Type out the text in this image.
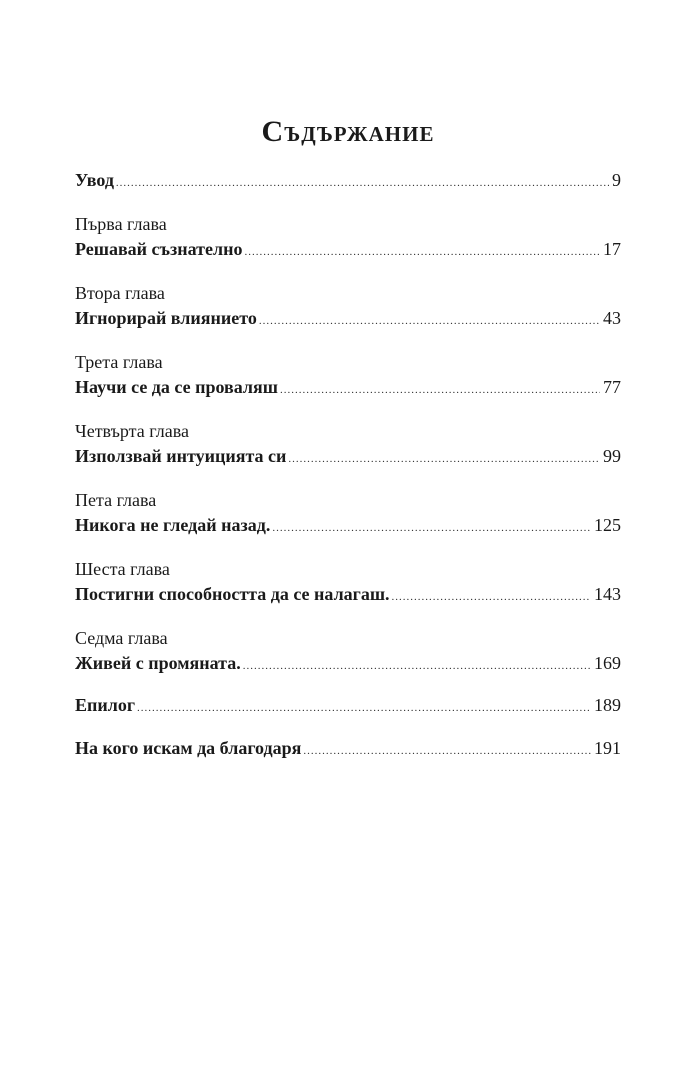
Съдържание
Увод .....	9
Първа глава
Решавай съзнателно .....	17
Втора глава
Игнорирай влиянието .....	43
Трета глава
Научи се да се проваляш .....	77
Четвърта глава
Използвай интуицията си .....	99
Пета глава
Никога не гледай назад. .....	125
Шеста глава
Постигни способността да се налагаш. .....	143
Седма глава
Живей с промяната. .....	169
Епилог .....	189
На кого искам да благодаря .....	191
